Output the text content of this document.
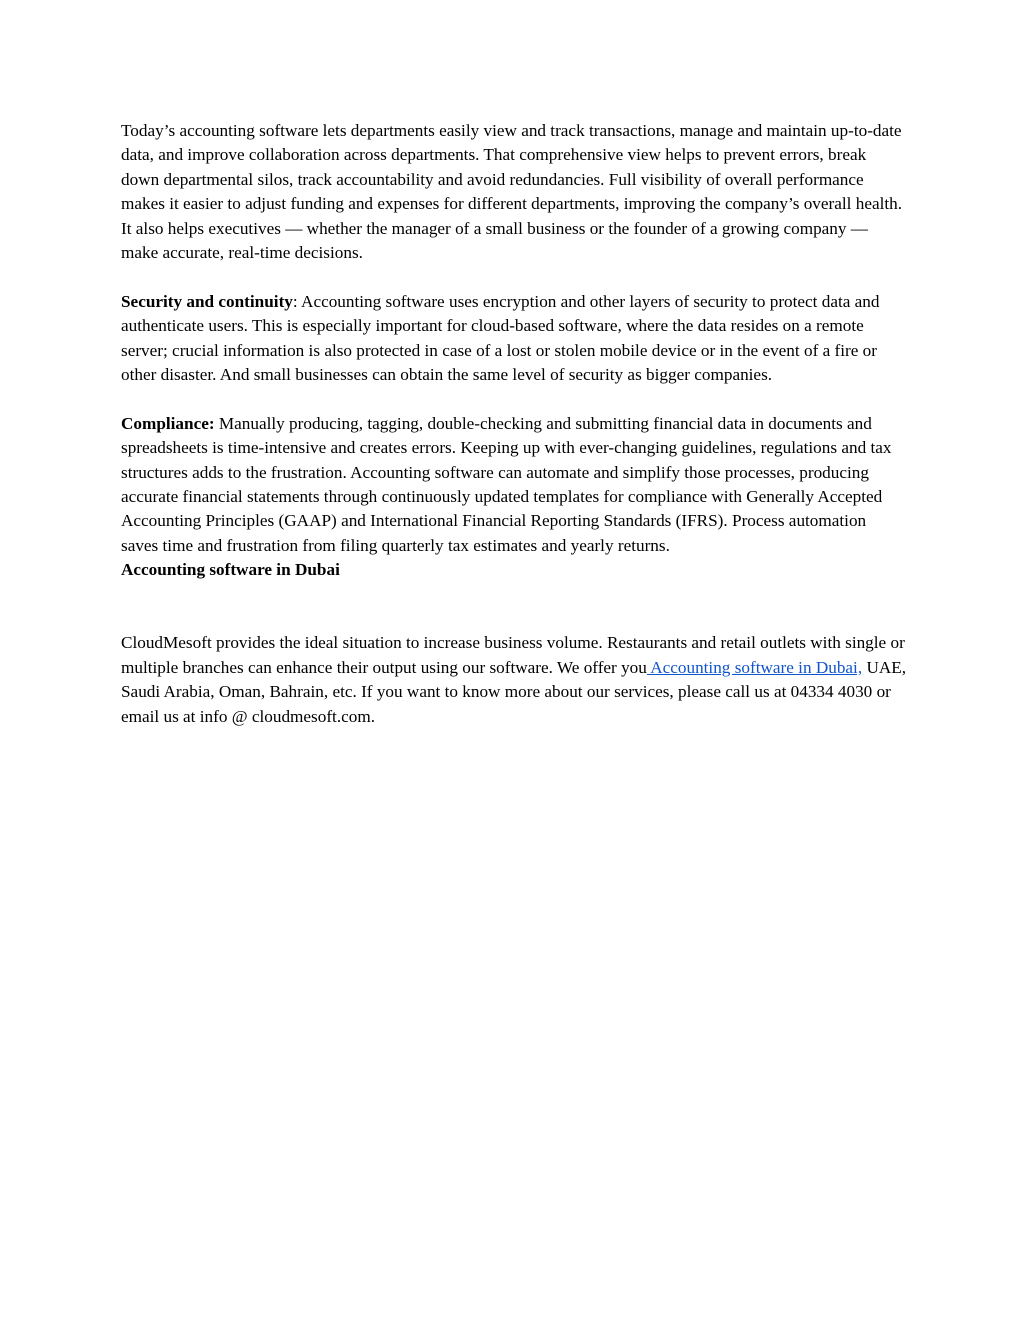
Today’s accounting software lets departments easily view and track transactions, manage and maintain up-to-date data, and improve collaboration across departments. That comprehensive view helps to prevent errors, break down departmental silos, track accountability and avoid redundancies. Full visibility of overall performance makes it easier to adjust funding and expenses for different departments, improving the company’s overall health. It also helps executives — whether the manager of a small business or the founder of a growing company — make accurate, real-time decisions.

Security and continuity: Accounting software uses encryption and other layers of security to protect data and authenticate users. This is especially important for cloud-based software, where the data resides on a remote server; crucial information is also protected in case of a lost or stolen mobile device or in the event of a fire or other disaster. And small businesses can obtain the same level of security as bigger companies.

Compliance: Manually producing, tagging, double-checking and submitting financial data in documents and spreadsheets is time-intensive and creates errors. Keeping up with ever-changing guidelines, regulations and tax structures adds to the frustration. Accounting software can automate and simplify those processes, producing accurate financial statements through continuously updated templates for compliance with Generally Accepted Accounting Principles (GAAP) and International Financial Reporting Standards (IFRS). Process automation saves time and frustration from filing quarterly tax estimates and yearly returns.

Accounting software in Dubai

CloudMesoft provides the ideal situation to increase business volume. Restaurants and retail outlets with single or multiple branches can enhance their output using our software. We offer you Accounting software in Dubai, UAE, Saudi Arabia, Oman, Bahrain, etc. If you want to know more about our services, please call us at 04334 4030 or email us at info @ cloudmesoft.com.
